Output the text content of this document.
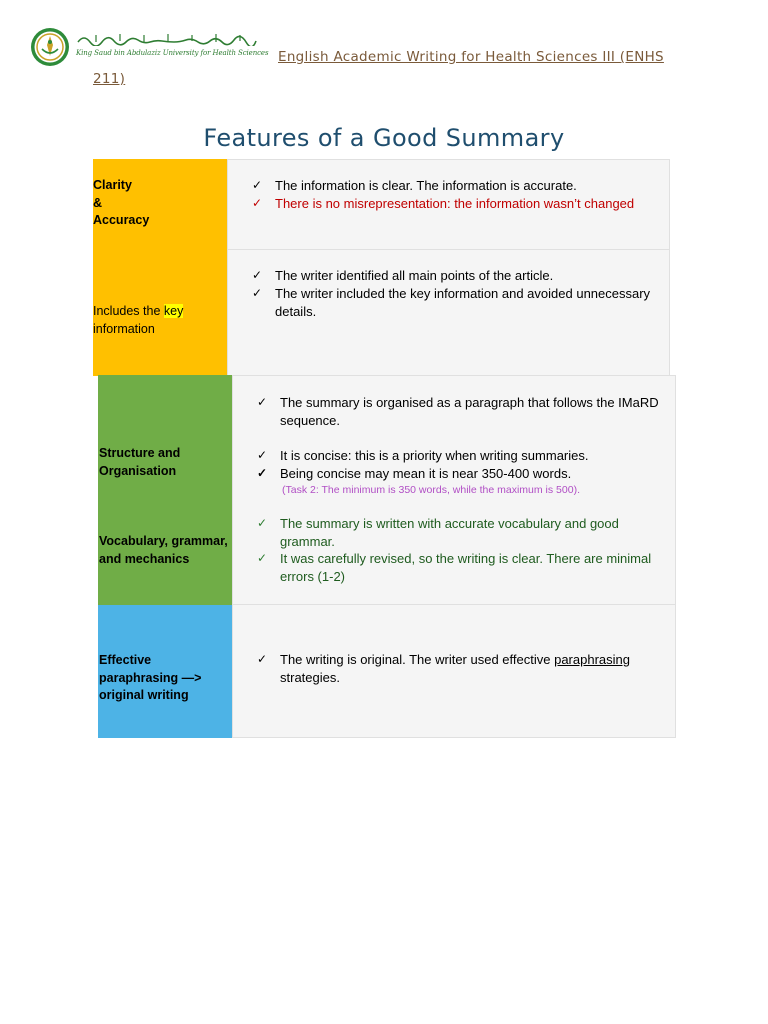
King Saud bin Abdulaziz University for Health Sciences English Academic Writing for Health Sciences III (ENHS 211)
Features of a Good Summary
Clarity
&
Accuracy
✓ The information is clear. The information is accurate.
✓ There is no misrepresentation: the information wasn’t changed
Includes the key
information
✓ The writer identified all main points of the article.
✓ The writer included the key information and avoided unnecessary details.
Structure and Organisation
Vocabulary, grammar, and mechanics
✓ The summary is organised as a paragraph that follows the IMaRD sequence.
✓ It is concise: this is a priority when writing summaries.
✓ Being concise may mean it is near 350-400 words.
(Task 2: The minimum is 350 words, while the maximum is 500).
✓ The summary is written with accurate vocabulary and good grammar.
✓ It was carefully revised, so the writing is clear. There are minimal errors (1-2)
Effective paraphrasing —> original writing
✓ The writing is original. The writer used effective paraphrasing
strategies.
